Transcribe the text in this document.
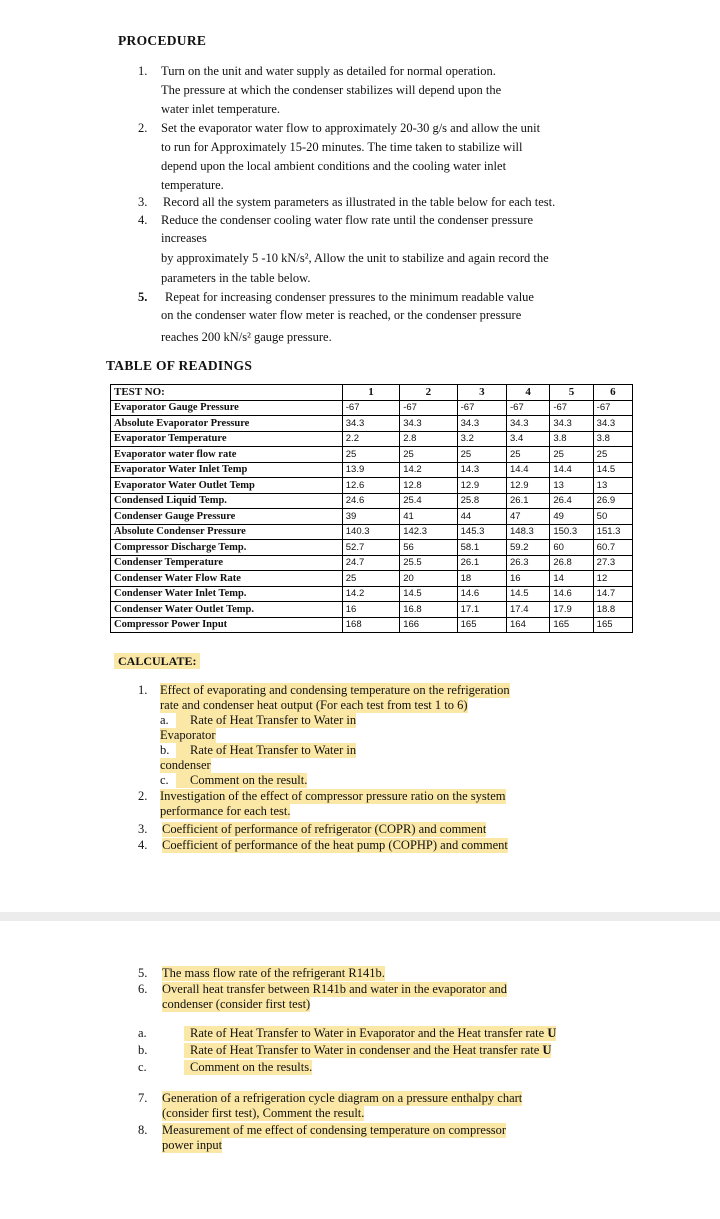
PROCEDURE
1. Turn on the unit and water supply as detailed for normal operation.
The pressure at which the condenser stabilizes will depend upon the
water inlet temperature.
2. Set the evaporator water flow to approximately 20-30 g/s and allow the unit
to run for Approximately 15-20 minutes. The time taken to stabilize will
depend upon the local ambient conditions and the cooling water inlet
temperature.
3. Record all the system parameters as illustrated in the table below for each test.
4. Reduce the condenser cooling water flow rate until the condenser pressure
increases
by approximately 5 -10 kN/s², Allow the unit to stabilize and again record the
parameters in the table below.
5. Repeat for increasing condenser pressures to the minimum readable value
on the condenser water flow meter is reached, or the condenser pressure
reaches 200 kN/s² gauge pressure.
TABLE OF READINGS
TEST NO:	1	2	3	4	5	6
Evaporator Gauge Pressure	-67	-67	-67	-67	-67	-67
Absolute Evaporator Pressure	34.3	34.3	34.3	34.3	34.3	34.3
Evaporator Temperature	2.2	2.8	3.2	3.4	3.8	3.8
Evaporator water flow rate	25	25	25	25	25	25
Evaporator Water Inlet Temp	13.9	14.2	14.3	14.4	14.4	14.5
Evaporator Water Outlet Temp	12.6	12.8	12.9	12.9	13	13
Condensed Liquid Temp.	24.6	25.4	25.8	26.1	26.4	26.9
Condenser Gauge Pressure	39	41	44	47	49	50
Absolute Condenser Pressure	140.3	142.3	145.3	148.3	150.3	151.3
Compressor Discharge Temp.	52.7	56	58.1	59.2	60	60.7
Condenser Temperature	24.7	25.5	26.1	26.3	26.8	27.3
Condenser Water Flow Rate	25	20	18	16	14	12
Condenser Water Inlet Temp.	14.2	14.5	14.6	14.5	14.6	14.7
Condenser Water Outlet Temp.	16	16.8	17.1	17.4	17.9	18.8
Compressor Power Input	168	166	165	164	165	165
CALCULATE:
1. Effect of evaporating and condensing temperature on the refrigeration
rate and condenser heat output (For each test from test 1 to 6)
a.	Rate of Heat Transfer to Water in
Evaporator
b.	Rate of Heat Transfer to Water in
condenser
c.	Comment on the result.
2. Investigation of the effect of compressor pressure ratio on the system
performance for each test.
3. Coefficient of performance of refrigerator (COPR) and comment
4. Coefficient of performance of the heat pump (COPHP) and comment
5. The mass flow rate of the refrigerant R141b.
6. Overall heat transfer between R141b and water in the evaporator and
condenser (consider first test)
a.	Rate of Heat Transfer to Water in Evaporator and the Heat transfer rate U
b.	Rate of Heat Transfer to Water in condenser and the Heat transfer rate U
c.	Comment on the results.
7. Generation of a refrigeration cycle diagram on a pressure enthalpy chart
(consider first test), Comment the result.
8. Measurement of me effect of condensing temperature on compressor
power input
